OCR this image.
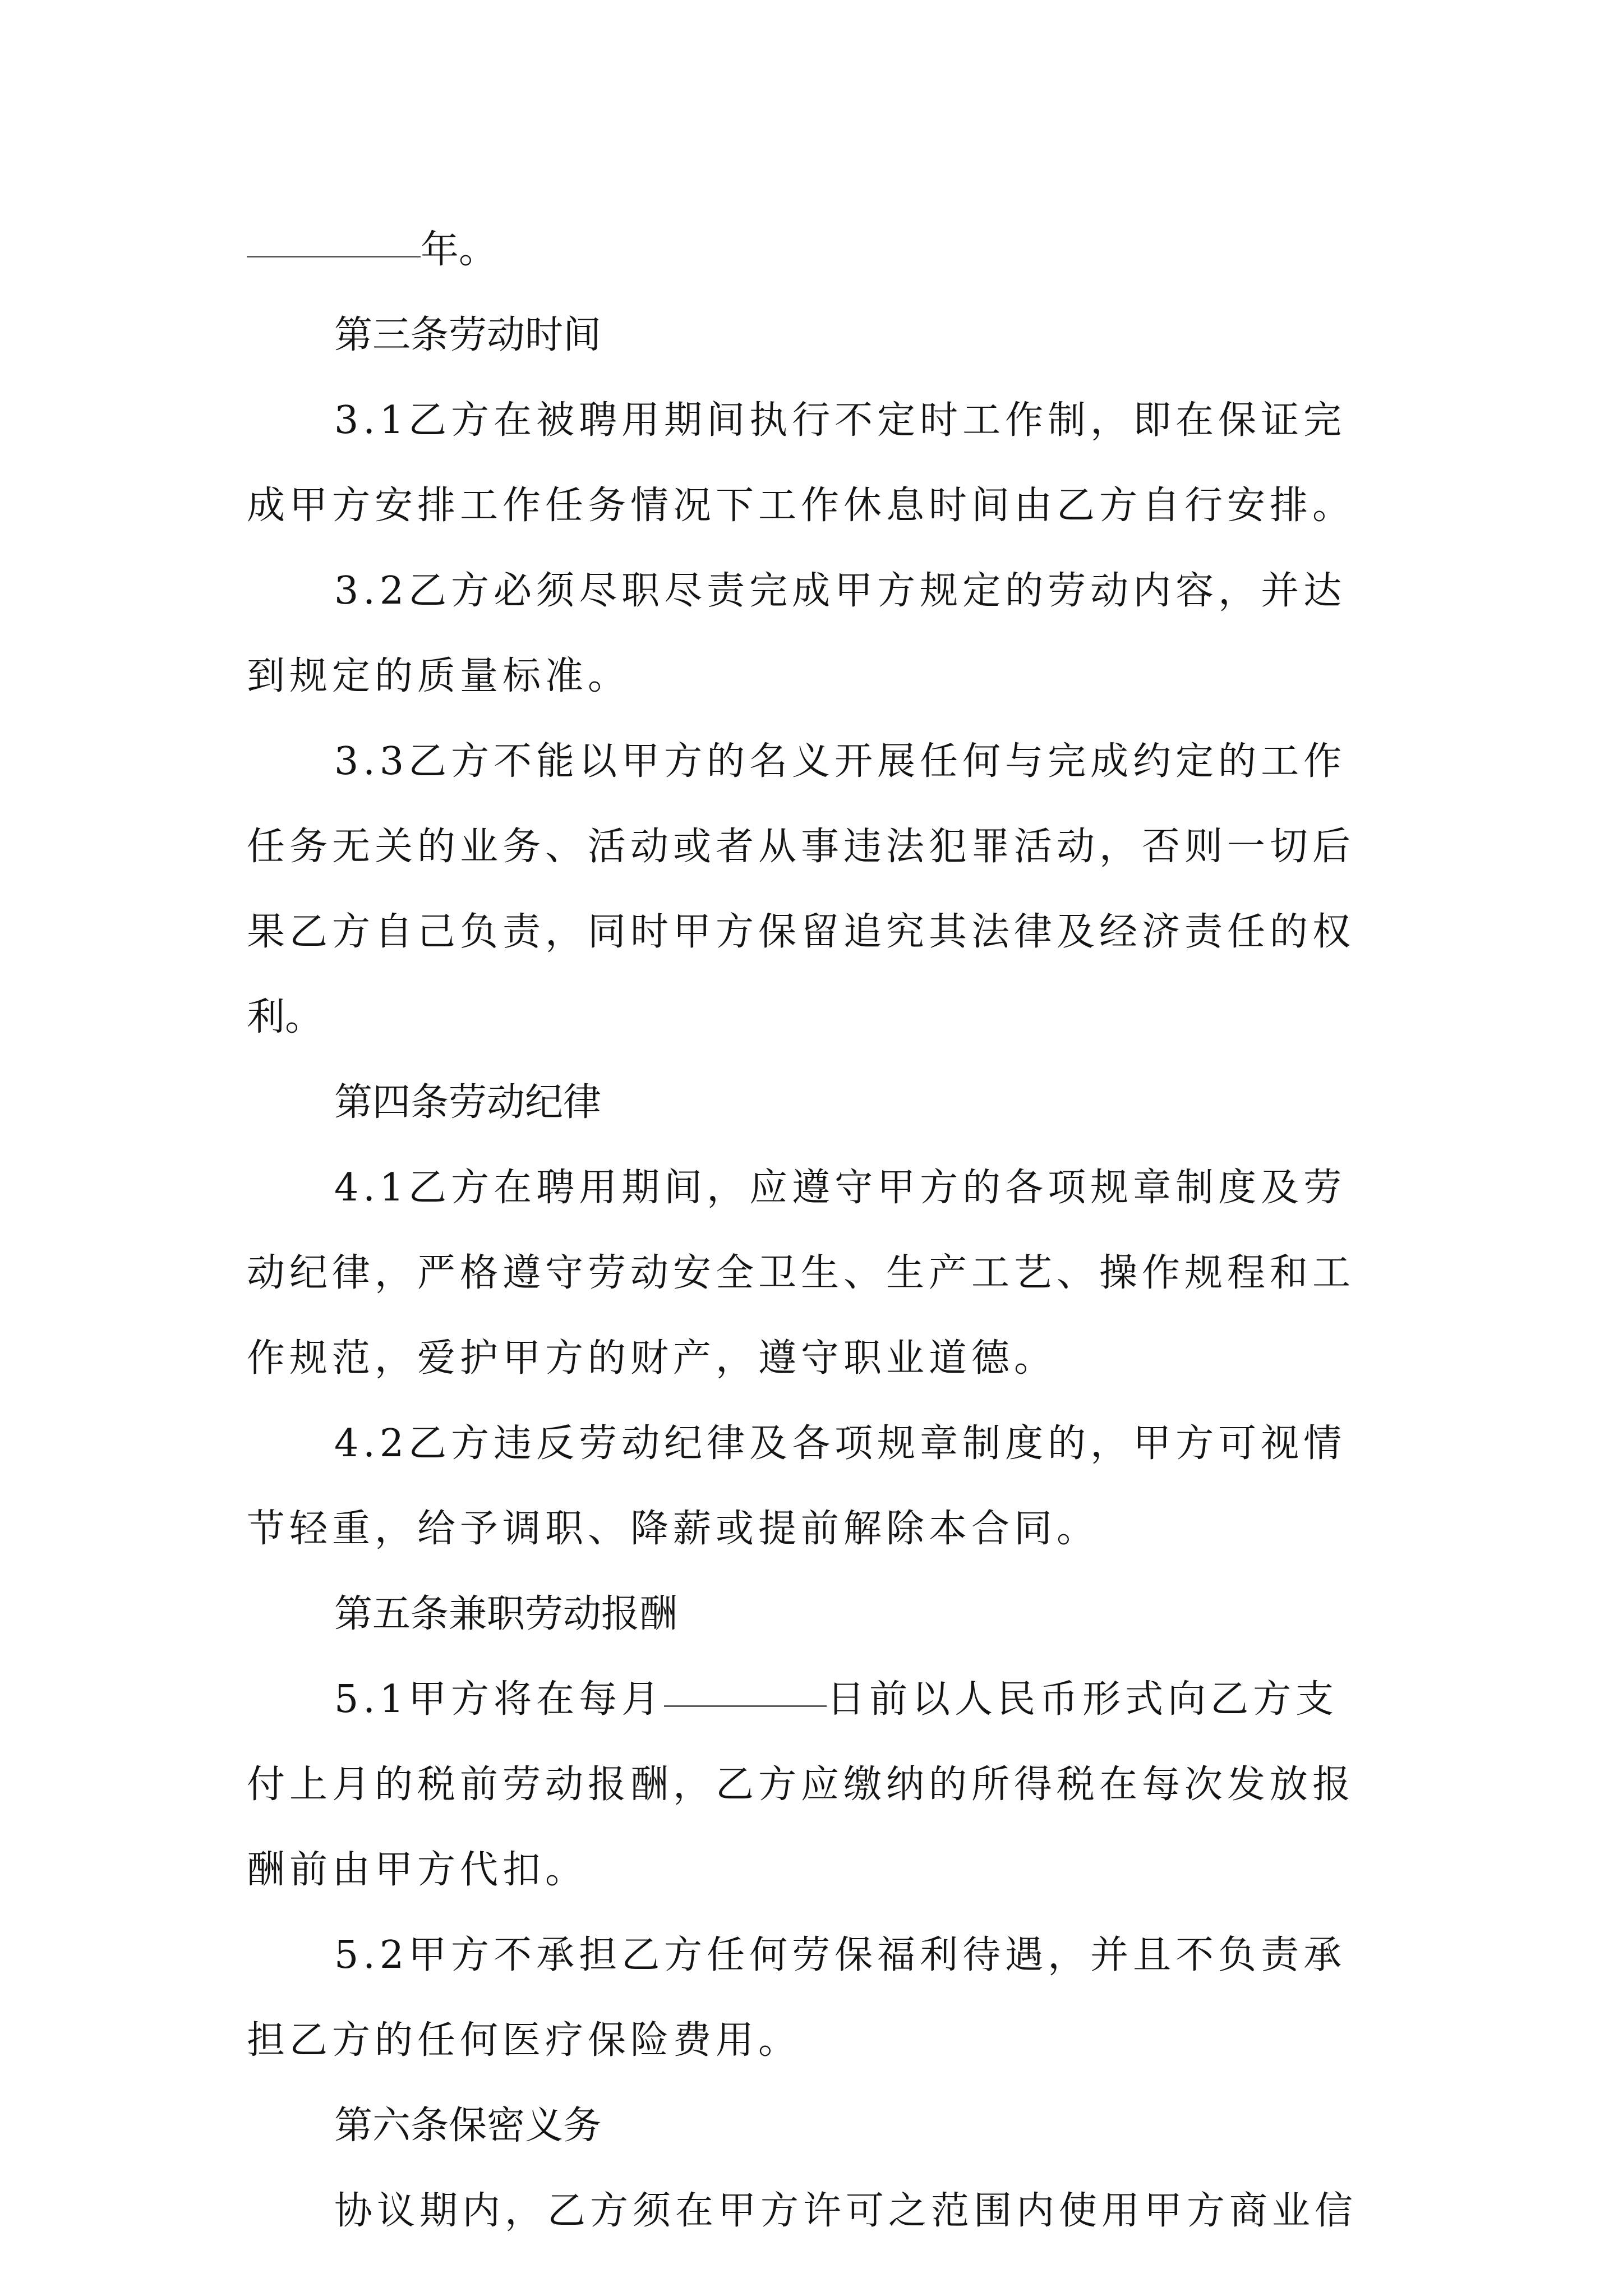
年。
第三条劳动时间
3.1乙方在被聘用期间执行不定时工作制，即在保证完
成甲方安排工作任务情况下工作休息时间由乙方自行安排。
3.2乙方必须尽职尽责完成甲方规定的劳动内容，并达
到规定的质量标准。
3.3乙方不能以甲方的名义开展任何与完成约定的工作
任务无关的业务、活动或者从事违法犯罪活动，否则一切后
果乙方自己负责，同时甲方保留追究其法律及经济责任的权
利。
第四条劳动纪律
4.1乙方在聘用期间，应遵守甲方的各项规章制度及劳
动纪律，严格遵守劳动安全卫生、生产工艺、操作规程和工
作规范，爱护甲方的财产，遵守职业道德。
4.2乙方违反劳动纪律及各项规章制度的，甲方可视情
节轻重，给予调职、降薪或提前解除本合同。
第五条兼职劳动报酬
5.1甲方将在每月	日前以人民币形式向乙方支
付上月的税前劳动报酬，乙方应缴纳的所得税在每次发放报
酬前由甲方代扣。
5.2甲方不承担乙方任何劳保福利待遇，并且不负责承
担乙方的任何医疗保险费用。
第六条保密义务
协议期内，乙方须在甲方许可之范围内使用甲方商业信
